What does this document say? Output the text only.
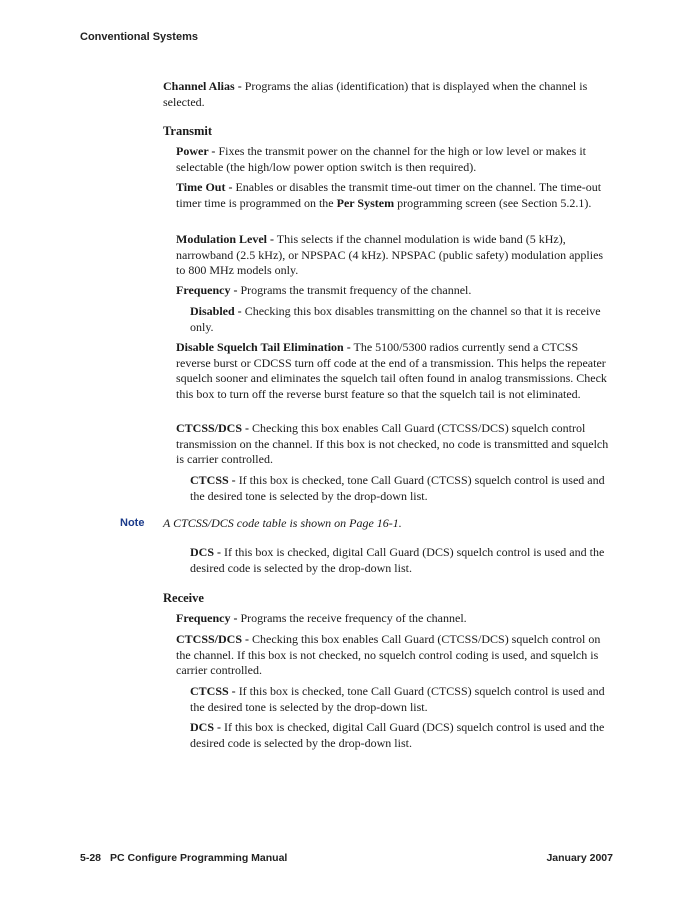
Conventional Systems

Channel Alias - Programs the alias (identification) that is displayed when the channel is selected.

Transmit

Power - Fixes the transmit power on the channel for the high or low level or makes it selectable (the high/low power option switch is then required).

Time Out - Enables or disables the transmit time-out timer on the channel. The time-out timer time is programmed on the Per System programming screen (see Section 5.2.1).

Modulation Level - This selects if the channel modulation is wide band (5 kHz), narrowband (2.5 kHz), or NPSPAC (4 kHz). NPSPAC (public safety) modulation applies to 800 MHz models only.

Frequency - Programs the transmit frequency of the channel.

Disabled - Checking this box disables transmitting on the channel so that it is receive only.

Disable Squelch Tail Elimination - The 5100/5300 radios currently send a CTCSS reverse burst or CDCSS turn off code at the end of a transmission. This helps the repeater squelch sooner and eliminates the squelch tail often found in analog transmissions. Check this box to turn off the reverse burst feature so that the squelch tail is not eliminated.

CTCSS/DCS - Checking this box enables Call Guard (CTCSS/DCS) squelch control transmission on the channel. If this box is not checked, no code is transmitted and squelch is carrier controlled.

CTCSS - If this box is checked, tone Call Guard (CTCSS) squelch control is used and the desired tone is selected by the drop-down list.

Note A CTCSS/DCS code table is shown on Page 16-1.

DCS - If this box is checked, digital Call Guard (DCS) squelch control is used and the desired code is selected by the drop-down list.

Receive

Frequency - Programs the receive frequency of the channel.

CTCSS/DCS - Checking this box enables Call Guard (CTCSS/DCS) squelch control on the channel. If this box is not checked, no squelch control coding is used, and squelch is carrier controlled.

CTCSS - If this box is checked, tone Call Guard (CTCSS) squelch control is used and the desired tone is selected by the drop-down list.

DCS - If this box is checked, digital Call Guard (DCS) squelch control is used and the desired code is selected by the drop-down list.

5-28 PC Configure Programming Manual	January 2007
